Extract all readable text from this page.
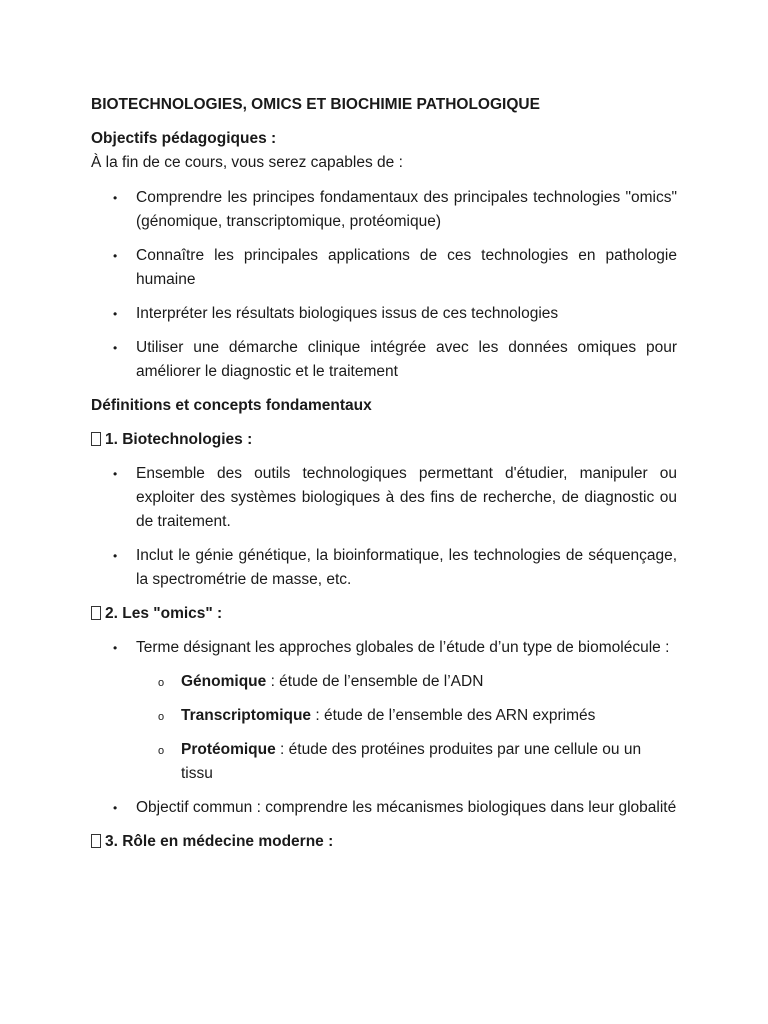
BIOTECHNOLOGIES, OMICS ET BIOCHIMIE PATHOLOGIQUE

Objectifs pédagogiques :

À la fin de ce cours, vous serez capables de :

• Comprendre les principes fondamentaux des principales technologies "omics" (génomique, transcriptomique, protéomique)
• Connaître les principales applications de ces technologies en pathologie humaine
• Interpréter les résultats biologiques issus de ces technologies
• Utiliser une démarche clinique intégrée avec les données omiques pour améliorer le diagnostic et le traitement

Définitions et concepts fondamentaux

1. Biotechnologies :

• Ensemble des outils technologiques permettant d'étudier, manipuler ou exploiter des systèmes biologiques à des fins de recherche, de diagnostic ou de traitement.
• Inclut le génie génétique, la bioinformatique, les technologies de séquençage, la spectrométrie de masse, etc.

2. Les "omics" :

• Terme désignant les approches globales de l’étude d’un type de biomolécule :
o Génomique : étude de l’ensemble de l’ADN
o Transcriptomique : étude de l’ensemble des ARN exprimés
o Protéomique : étude des protéines produites par une cellule ou un tissu
• Objectif commun : comprendre les mécanismes biologiques dans leur globalité

3. Rôle en médecine moderne :
